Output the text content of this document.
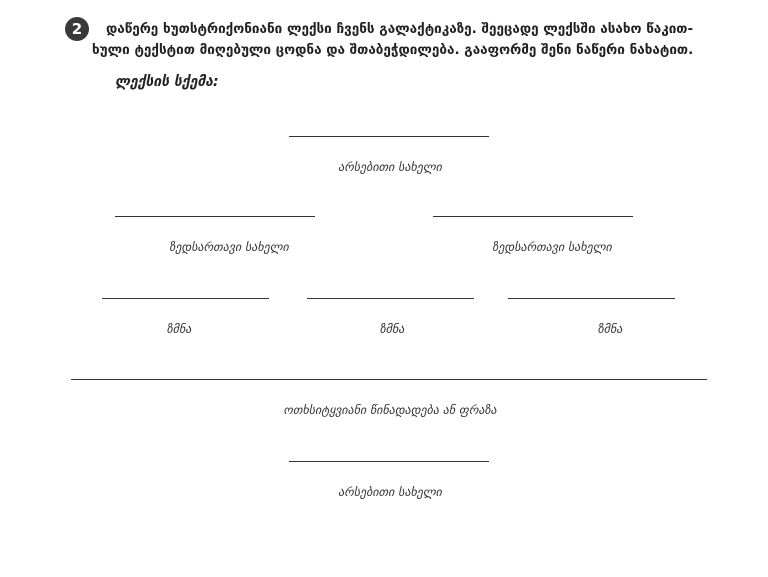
2	დაწერე ხუთსტრიქონიანი ლექსი ჩვენს გალაქტიკაზე. შეეცადე ლექსში ასახო წაკით-
ხული ტექსტით მიღებული ცოდნა და შთაბეჭდილება. გააფორმე შენი ნაწერი ნახატით.
ლექსის სქემა:
არსებითი სახელი
ზედსართავი სახელი	ზედსართავი სახელი
ზმნა	ზმნა	ზმნა
ოთხსიტყვიანი წინადადება ან ფრაზა
არსებითი სახელი
